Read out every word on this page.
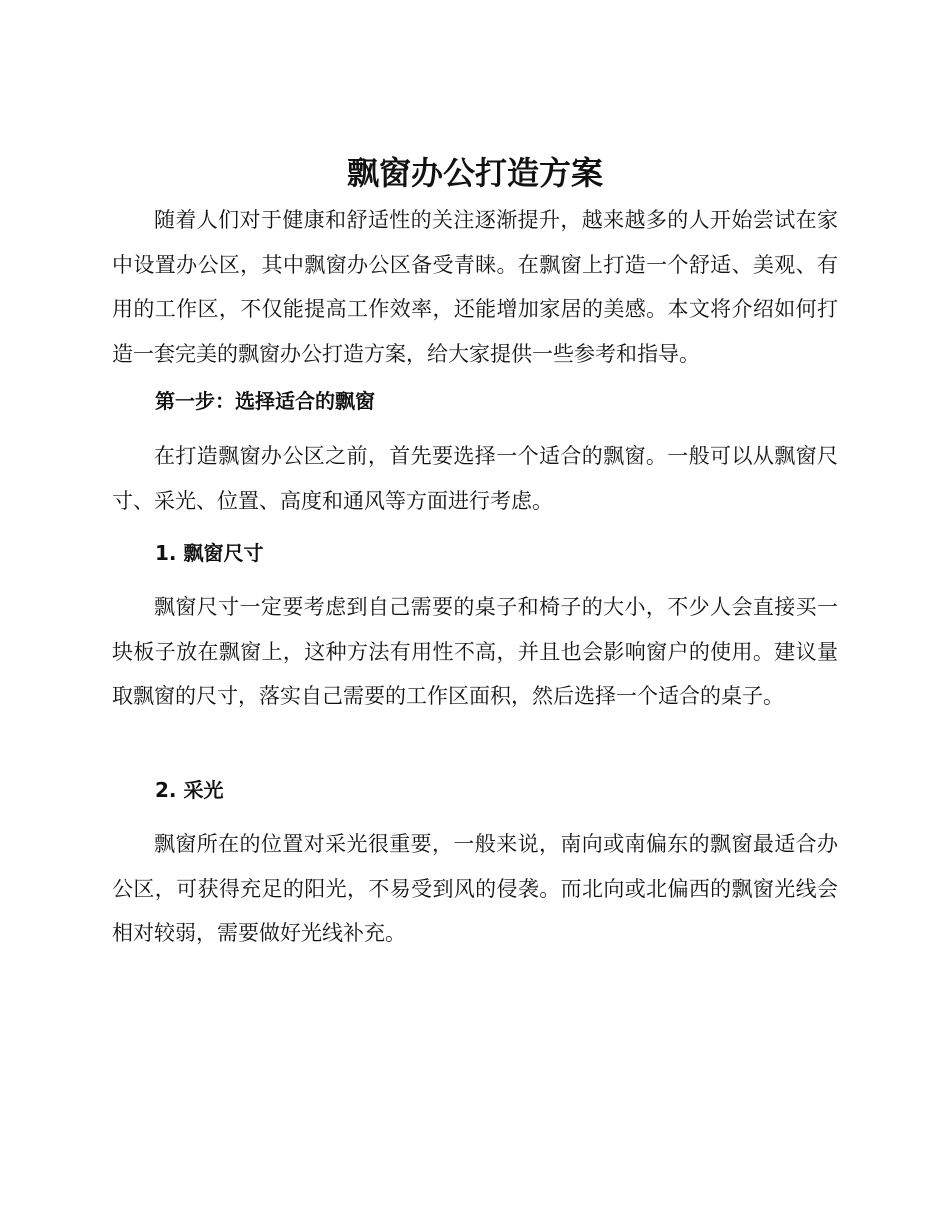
飘窗办公打造方案

随着人们对于健康和舒适性的关注逐渐提升，越来越多的人开始尝试在家中设置办公区，其中飘窗办公区备受青睐。在飘窗上打造一个舒适、美观、有用的工作区，不仅能提高工作效率，还能增加家居的美感。本文将介绍如何打造一套完美的飘窗办公打造方案，给大家提供一些参考和指导。

第一步：选择适合的飘窗

在打造飘窗办公区之前，首先要选择一个适合的飘窗。一般可以从飘窗尺寸、采光、位置、高度和通风等方面进行考虑。

1. 飘窗尺寸

飘窗尺寸一定要考虑到自己需要的桌子和椅子的大小，不少人会直接买一块板子放在飘窗上，这种方法有用性不高，并且也会影响窗户的使用。建议量取飘窗的尺寸，落实自己需要的工作区面积，然后选择一个适合的桌子。

2. 采光

飘窗所在的位置对采光很重要，一般来说，南向或南偏东的飘窗最适合办公区，可获得充足的阳光，不易受到风的侵袭。而北向或北偏西的飘窗光线会相对较弱，需要做好光线补充。
